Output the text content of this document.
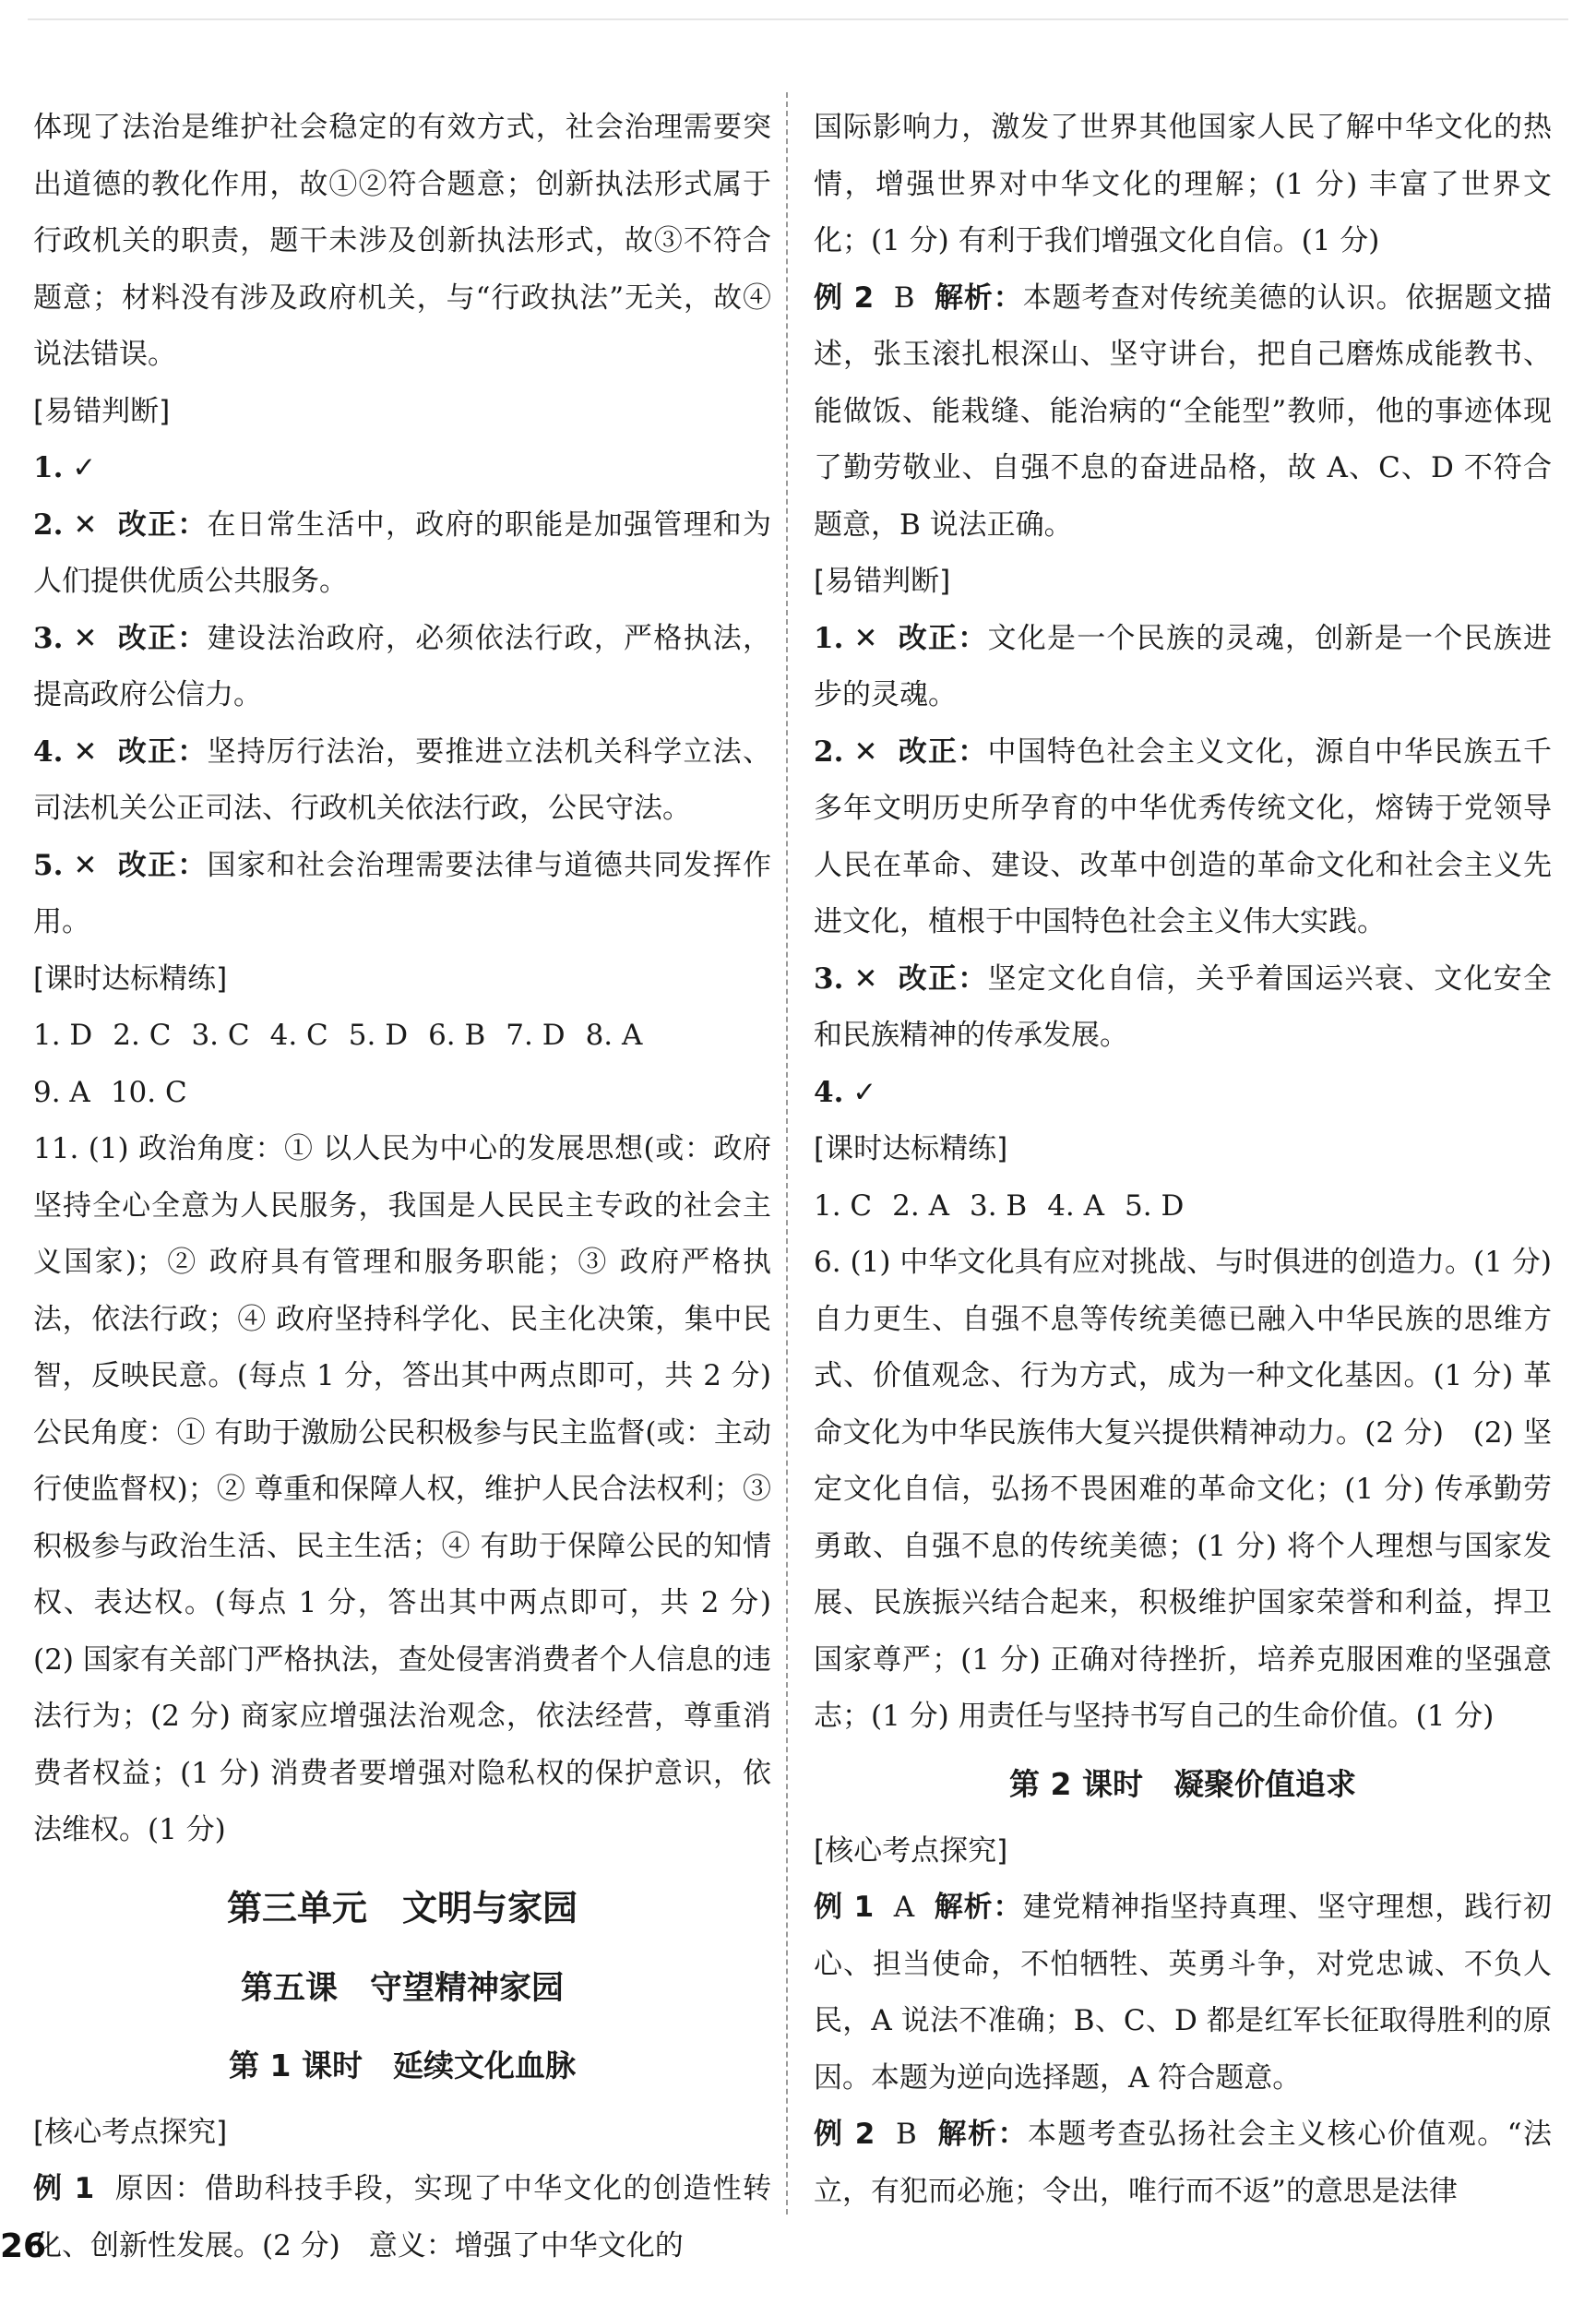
体现了法治是维护社会稳定的有效方式，社会治理需要突出道德的教化作用，故①②符合题意；创新执法形式属于行政机关的职责，题干未涉及创新执法形式，故③不符合题意；材料没有涉及政府机关，与“行政执法”无关，故④说法错误。

[易错判断]

1. ✓

2. ✕ 改正：在日常生活中，政府的职能是加强管理和为人们提供优质公共服务。

3. ✕ 改正：建设法治政府，必须依法行政，严格执法，提高政府公信力。

4. ✕ 改正：坚持厉行法治，要推进立法机关科学立法、司法机关公正司法、行政机关依法行政，公民守法。

5. ✕ 改正：国家和社会治理需要法律与道德共同发挥作用。

[课时达标精练]

1. D 2. C 3. C 4. C 5. D 6. B 7. D 8. A

9. A 10. C

11. (1) 政治角度：① 以人民为中心的发展思想(或：政府坚持全心全意为人民服务，我国是人民民主专政的社会主义国家)；② 政府具有管理和服务职能；③ 政府严格执法，依法行政；④ 政府坚持科学化、民主化决策，集中民智，反映民意。(每点 1 分，答出其中两点即可，共 2 分)　公民角度：① 有助于激励公民积极参与民主监督(或：主动行使监督权)；② 尊重和保障人权，维护人民合法权利；③ 积极参与政治生活、民主生活；④ 有助于保障公民的知情权、表达权。(每点 1 分，答出其中两点即可，共 2 分)　(2) 国家有关部门严格执法，查处侵害消费者个人信息的违法行为；(2 分) 商家应增强法治观念，依法经营，尊重消费者权益；(1 分) 消费者要增强对隐私权的保护意识，依法维权。(1 分)

第三单元　文明与家园
第五课　守望精神家园
第 1 课时　延续文化血脉

[核心考点探究]

例 1 原因：借助科技手段，实现了中华文化的创造性转化、创新性发展。(2 分)　意义：增强了中华文化的

国际影响力，激发了世界其他国家人民了解中华文化的热情，增强世界对中华文化的理解；(1 分) 丰富了世界文化；(1 分) 有利于我们增强文化自信。(1 分)

例 2 B 解析：本题考查对传统美德的认识。依据题文描述，张玉滚扎根深山、坚守讲台，把自己磨炼成能教书、能做饭、能栽缝、能治病的“全能型”教师，他的事迹体现了勤劳敬业、自强不息的奋进品格，故 A、C、D 不符合题意，B 说法正确。

[易错判断]

1. ✕ 改正：文化是一个民族的灵魂，创新是一个民族进步的灵魂。

2. ✕ 改正：中国特色社会主义文化，源自中华民族五千多年文明历史所孕育的中华优秀传统文化，熔铸于党领导人民在革命、建设、改革中创造的革命文化和社会主义先进文化，植根于中国特色社会主义伟大实践。

3. ✕ 改正：坚定文化自信，关乎着国运兴衰、文化安全和民族精神的传承发展。

4. ✓

[课时达标精练]

1. C 2. A 3. B 4. A 5. D

6. (1) 中华文化具有应对挑战、与时俱进的创造力。(1 分) 自力更生、自强不息等传统美德已融入中华民族的思维方式、价值观念、行为方式，成为一种文化基因。(1 分) 革命文化为中华民族伟大复兴提供精神动力。(2 分)　(2) 坚定文化自信，弘扬不畏困难的革命文化；(1 分) 传承勤劳勇敢、自强不息的传统美德；(1 分) 将个人理想与国家发展、民族振兴结合起来，积极维护国家荣誉和利益，捍卫国家尊严；(1 分) 正确对待挫折，培养克服困难的坚强意志；(1 分) 用责任与坚持书写自己的生命价值。(1 分)

第 2 课时　凝聚价值追求

[核心考点探究]

例 1 A 解析：建党精神指坚持真理、坚守理想，践行初心、担当使命，不怕牺牲、英勇斗争，对党忠诚、不负人民，A 说法不准确；B、C、D 都是红军长征取得胜利的原因。本题为逆向选择题，A 符合题意。

例 2 B 解析：本题考查弘扬社会主义核心价值观。“法立，有犯而必施；令出，唯行而不返”的意思是法律

26
